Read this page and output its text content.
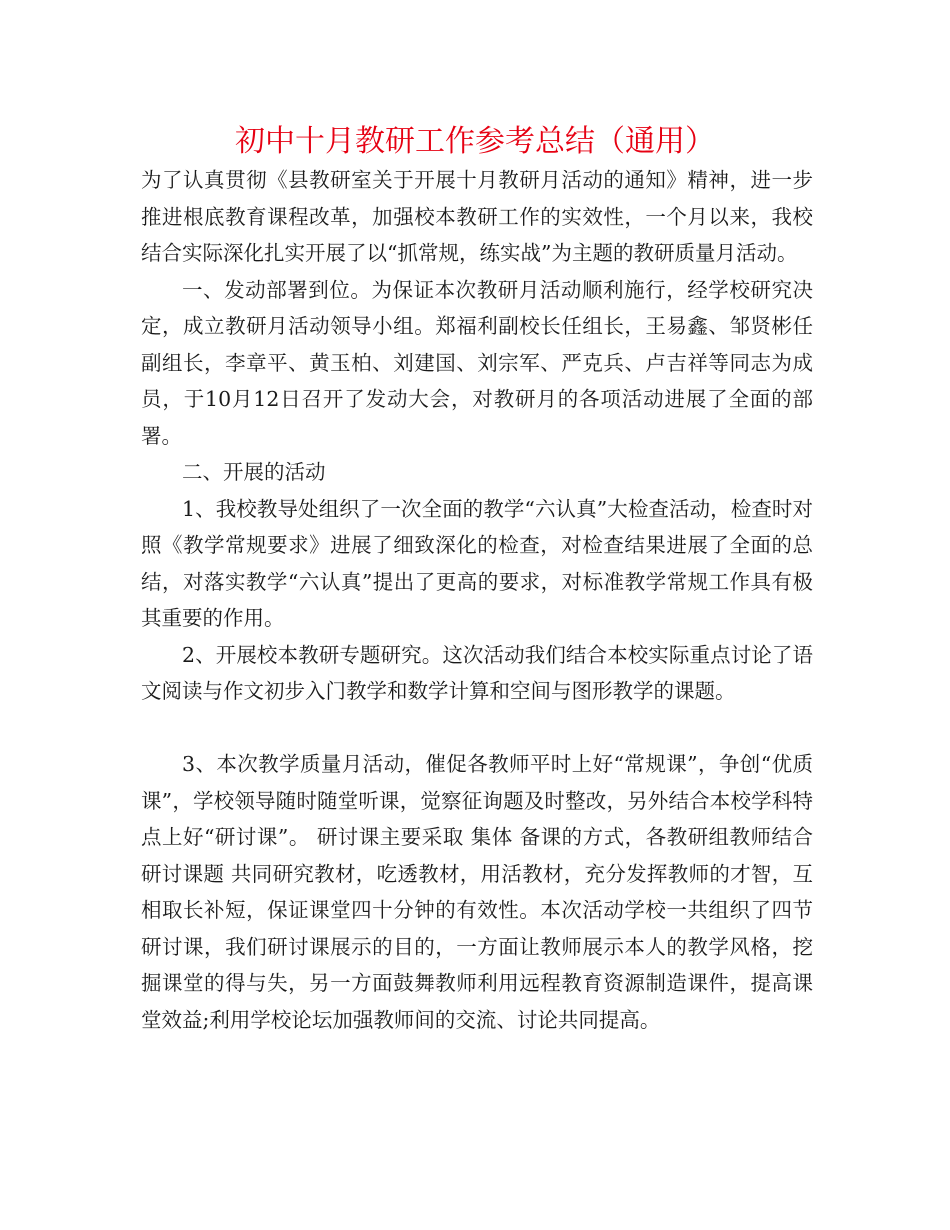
初中十月教研工作参考总结（通用）

为了认真贯彻《县教研室关于开展十月教研月活动的通知》精神，进一步推进根底教育课程改革，加强校本教研工作的实效性，一个月以来，我校结合实际深化扎实开展了以“抓常规，练实战”为主题的教研质量月活动。

一、发动部署到位。为保证本次教研月活动顺利施行，经学校研究决定，成立教研月活动领导小组。郑福利副校长任组长，王易鑫、邹贤彬任副组长，李章平、黄玉柏、刘建国、刘宗军、严克兵、卢吉祥等同志为成员，于10月12日召开了发动大会，对教研月的各项活动进展了全面的部署。

二、开展的活动

1、我校教导处组织了一次全面的教学“六认真”大检查活动，检查时对照《教学常规要求》进展了细致深化的检查，对检查结果进展了全面的总结，对落实教学“六认真”提出了更高的要求，对标准教学常规工作具有极其重要的作用。

2、开展校本教研专题研究。这次活动我们结合本校实际重点讨论了语文阅读与作文初步入门教学和数学计算和空间与图形教学的课题。

3、本次教学质量月活动，催促各教师平时上好“常规课”，争创“优质课”，学校领导随时随堂听课，觉察征询题及时整改，另外结合本校学科特点上好“研讨课”。 研讨课主要采取 集体 备课的方式，各教研组教师结合研讨课题 共同研究教材，吃透教材，用活教材，充分发挥教师的才智，互相取长补短，保证课堂四十分钟的有效性。本次活动学校一共组织了四节研讨课，我们研讨课展示的目的，一方面让教师展示本人的教学风格，挖掘课堂的得与失，另一方面鼓舞教师利用远程教育资源制造课件，提高课堂效益;利用学校论坛加强教师间的交流、讨论共同提高。
